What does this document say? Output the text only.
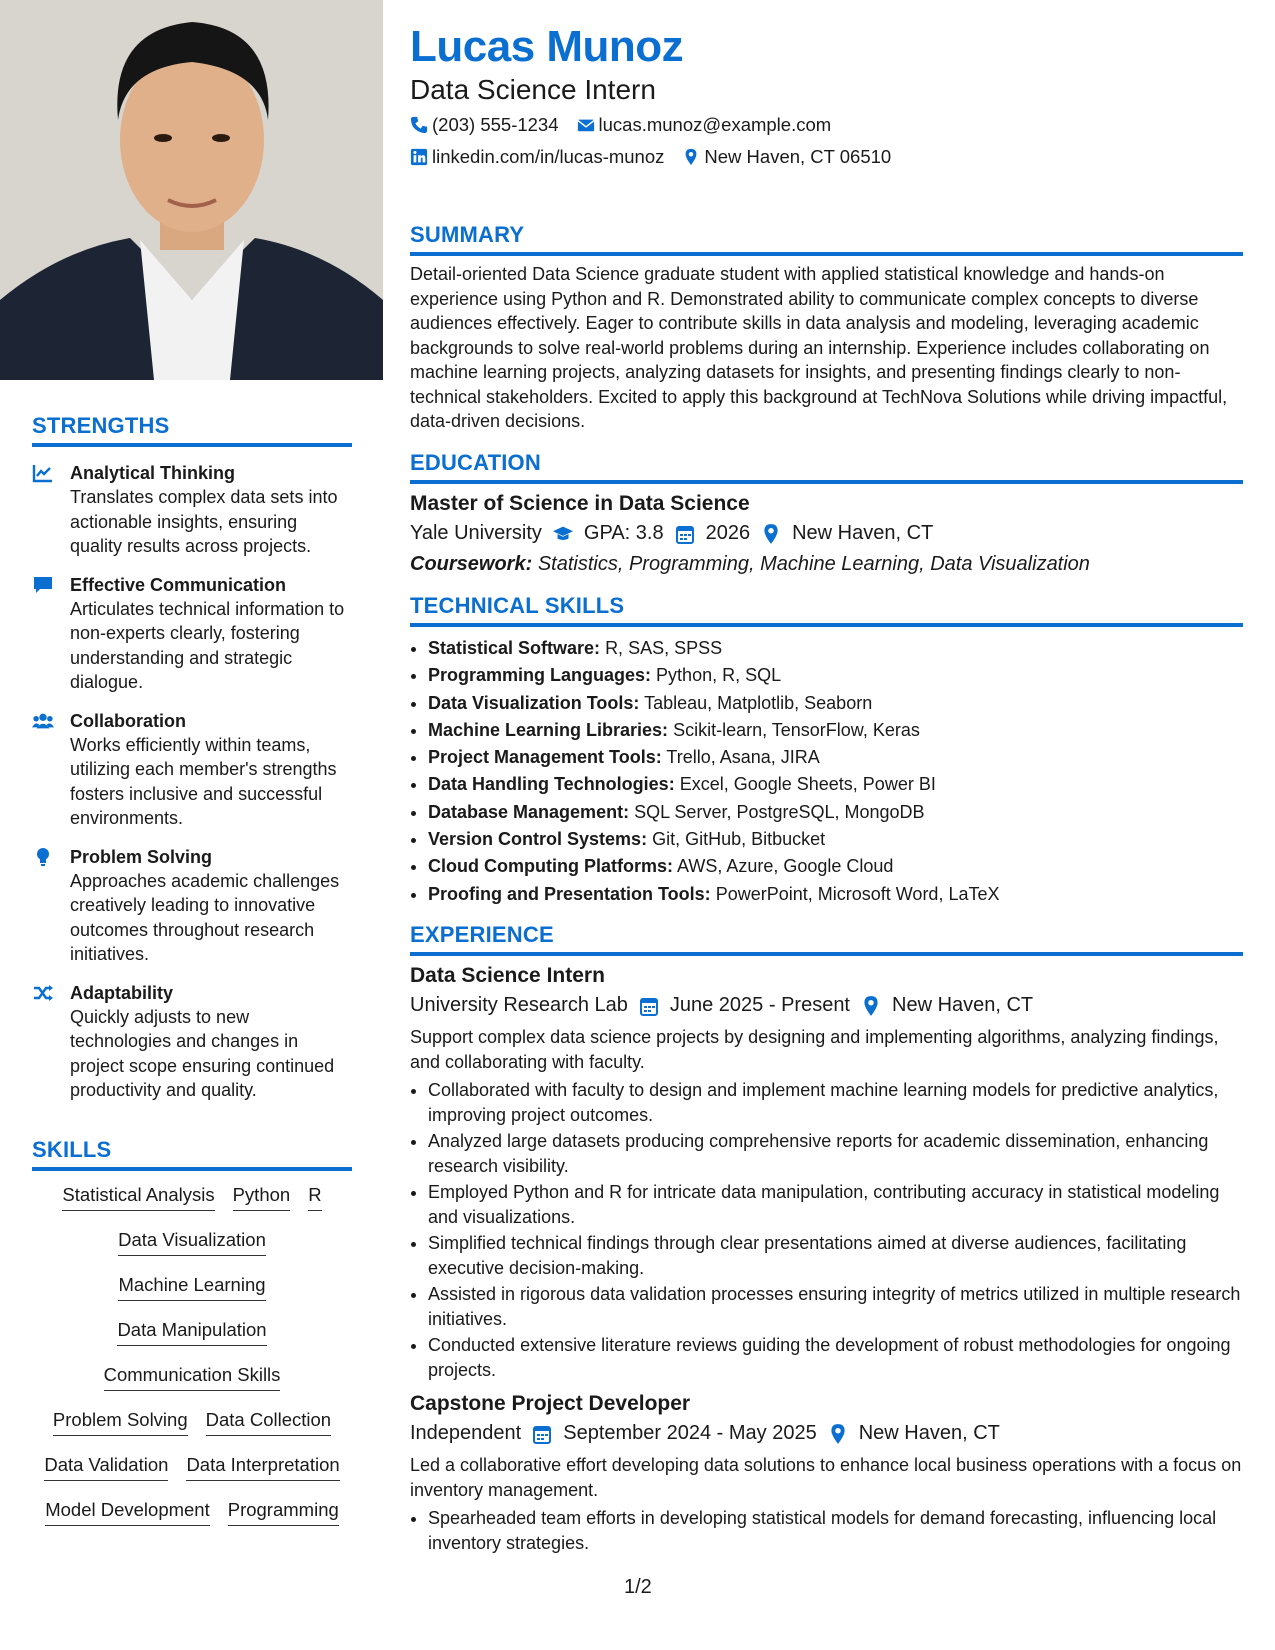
STRENGTHS
Analytical Thinking
Translates complex data sets into actionable insights, ensuring quality results across projects.
Effective Communication
Articulates technical information to non-experts clearly, fostering understanding and strategic dialogue.
Collaboration
Works efficiently within teams, utilizing each member's strengths fosters inclusive and successful environments.
Problem Solving
Approaches academic challenges creatively leading to innovative outcomes throughout research initiatives.
Adaptability
Quickly adjusts to new technologies and changes in project scope ensuring continued productivity and quality.
SKILLS
Statistical Analysis Python R
Data Visualization
Machine Learning
Data Manipulation
Communication Skills
Problem Solving Data Collection
Data Validation Data Interpretation
Model Development Programming
Lucas Munoz
Data Science Intern
(203) 555-1234 lucas.munoz@example.com
linkedin.com/in/lucas-munoz New Haven, CT 06510
SUMMARY
Detail-oriented Data Science graduate student with applied statistical knowledge and hands-on experience using Python and R. Demonstrated ability to communicate complex concepts to diverse audiences effectively. Eager to contribute skills in data analysis and modeling, leveraging academic backgrounds to solve real-world problems during an internship. Experience includes collaborating on machine learning projects, analyzing datasets for insights, and presenting findings clearly to non-technical stakeholders. Excited to apply this background at TechNova Solutions while driving impactful, data-driven decisions.
EDUCATION
Master of Science in Data Science
Yale University GPA: 3.8 2026 New Haven, CT
Coursework: Statistics, Programming, Machine Learning, Data Visualization
TECHNICAL SKILLS
• Statistical Software: R, SAS, SPSS
• Programming Languages: Python, R, SQL
• Data Visualization Tools: Tableau, Matplotlib, Seaborn
• Machine Learning Libraries: Scikit-learn, TensorFlow, Keras
• Project Management Tools: Trello, Asana, JIRA
• Data Handling Technologies: Excel, Google Sheets, Power BI
• Database Management: SQL Server, PostgreSQL, MongoDB
• Version Control Systems: Git, GitHub, Bitbucket
• Cloud Computing Platforms: AWS, Azure, Google Cloud
• Proofing and Presentation Tools: PowerPoint, Microsoft Word, LaTeX
EXPERIENCE
Data Science Intern
University Research Lab June 2025 - Present New Haven, CT
Support complex data science projects by designing and implementing algorithms, analyzing findings, and collaborating with faculty.
• Collaborated with faculty to design and implement machine learning models for predictive analytics, improving project outcomes.
• Analyzed large datasets producing comprehensive reports for academic dissemination, enhancing research visibility.
• Employed Python and R for intricate data manipulation, contributing accuracy in statistical modeling and visualizations.
• Simplified technical findings through clear presentations aimed at diverse audiences, facilitating executive decision-making.
• Assisted in rigorous data validation processes ensuring integrity of metrics utilized in multiple research initiatives.
• Conducted extensive literature reviews guiding the development of robust methodologies for ongoing projects.
Capstone Project Developer
Independent September 2024 - May 2025 New Haven, CT
Led a collaborative effort developing data solutions to enhance local business operations with a focus on inventory management.
• Spearheaded team efforts in developing statistical models for demand forecasting, influencing local inventory strategies.
1/2
